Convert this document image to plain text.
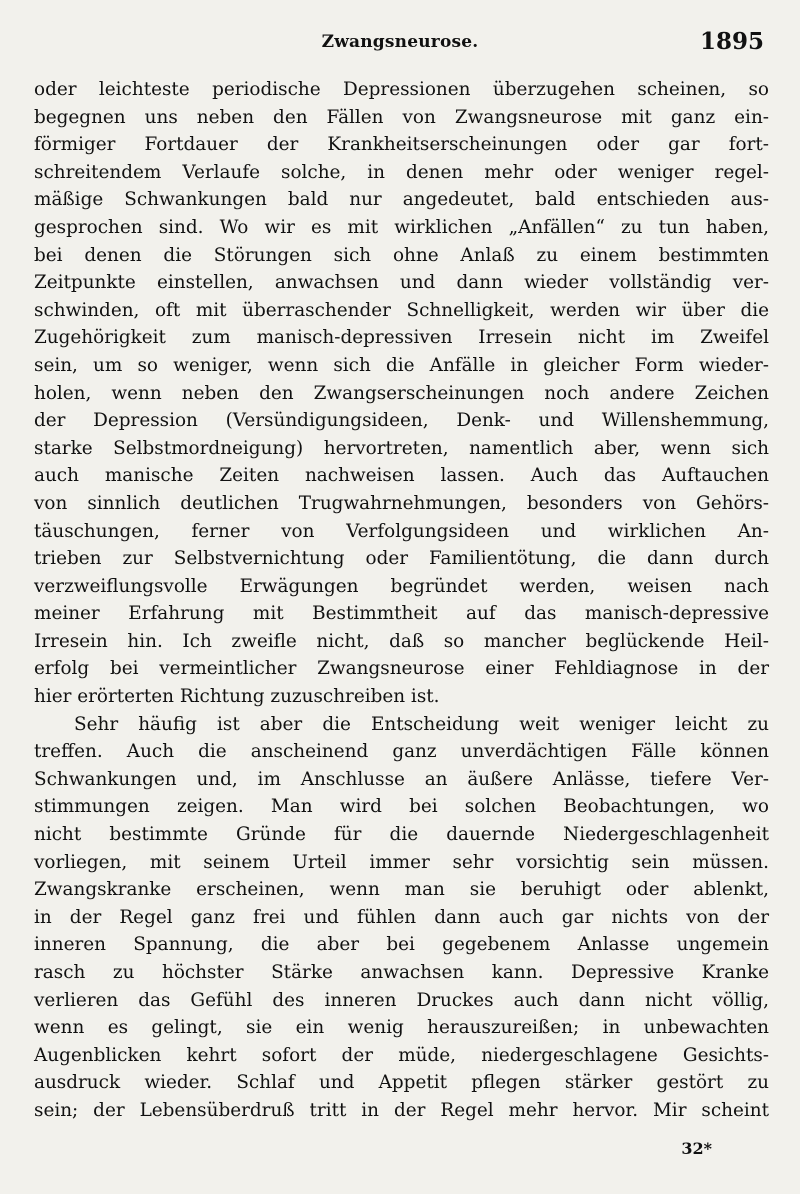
Zwangsneurose.	1895
oder leichteste periodische Depressionen überzugehen scheinen, so
begegnen uns neben den Fällen von Zwangsneurose mit ganz ein-
förmiger Fortdauer der Krankheitserscheinungen oder gar fort-
schreitendem Verlaufe solche, in denen mehr oder weniger regel-
mäßige Schwankungen bald nur angedeutet, bald entschieden aus-
gesprochen sind. Wo wir es mit wirklichen „Anfällen“ zu tun haben,
bei denen die Störungen sich ohne Anlaß zu einem bestimmten
Zeitpunkte einstellen, anwachsen und dann wieder vollständig ver-
schwinden, oft mit überraschender Schnelligkeit, werden wir über die
Zugehörigkeit zum manisch-depressiven Irresein nicht im Zweifel
sein, um so weniger, wenn sich die Anfälle in gleicher Form wieder-
holen, wenn neben den Zwangserscheinungen noch andere Zeichen
der Depression (Versündigungsideen, Denk- und Willenshemmung,
starke Selbstmordneigung) hervortreten, namentlich aber, wenn sich
auch manische Zeiten nachweisen lassen. Auch das Auftauchen
von sinnlich deutlichen Trugwahrnehmungen, besonders von Gehörs-
täuschungen, ferner von Verfolgungsideen und wirklichen An-
trieben zur Selbstvernichtung oder Familientötung, die dann durch
verzweiflungsvolle Erwägungen begründet werden, weisen nach
meiner Erfahrung mit Bestimmtheit auf das manisch-depressive
Irresein hin. Ich zweifle nicht, daß so mancher beglückende Heil-
erfolg bei vermeintlicher Zwangsneurose einer Fehldiagnose in der
hier erörterten Richtung zuzuschreiben ist.
Sehr häufig ist aber die Entscheidung weit weniger leicht zu
treffen. Auch die anscheinend ganz unverdächtigen Fälle können
Schwankungen und, im Anschlusse an äußere Anlässe, tiefere Ver-
stimmungen zeigen. Man wird bei solchen Beobachtungen, wo
nicht bestimmte Gründe für die dauernde Niedergeschlagenheit
vorliegen, mit seinem Urteil immer sehr vorsichtig sein müssen.
Zwangskranke erscheinen, wenn man sie beruhigt oder ablenkt,
in der Regel ganz frei und fühlen dann auch gar nichts von der
inneren Spannung, die aber bei gegebenem Anlasse ungemein
rasch zu höchster Stärke anwachsen kann. Depressive Kranke
verlieren das Gefühl des inneren Druckes auch dann nicht völlig,
wenn es gelingt, sie ein wenig herauszureißen; in unbewachten
Augenblicken kehrt sofort der müde, niedergeschlagene Gesichts-
ausdruck wieder. Schlaf und Appetit pflegen stärker gestört zu
sein; der Lebensüberdruß tritt in der Regel mehr hervor. Mir scheint
32*
